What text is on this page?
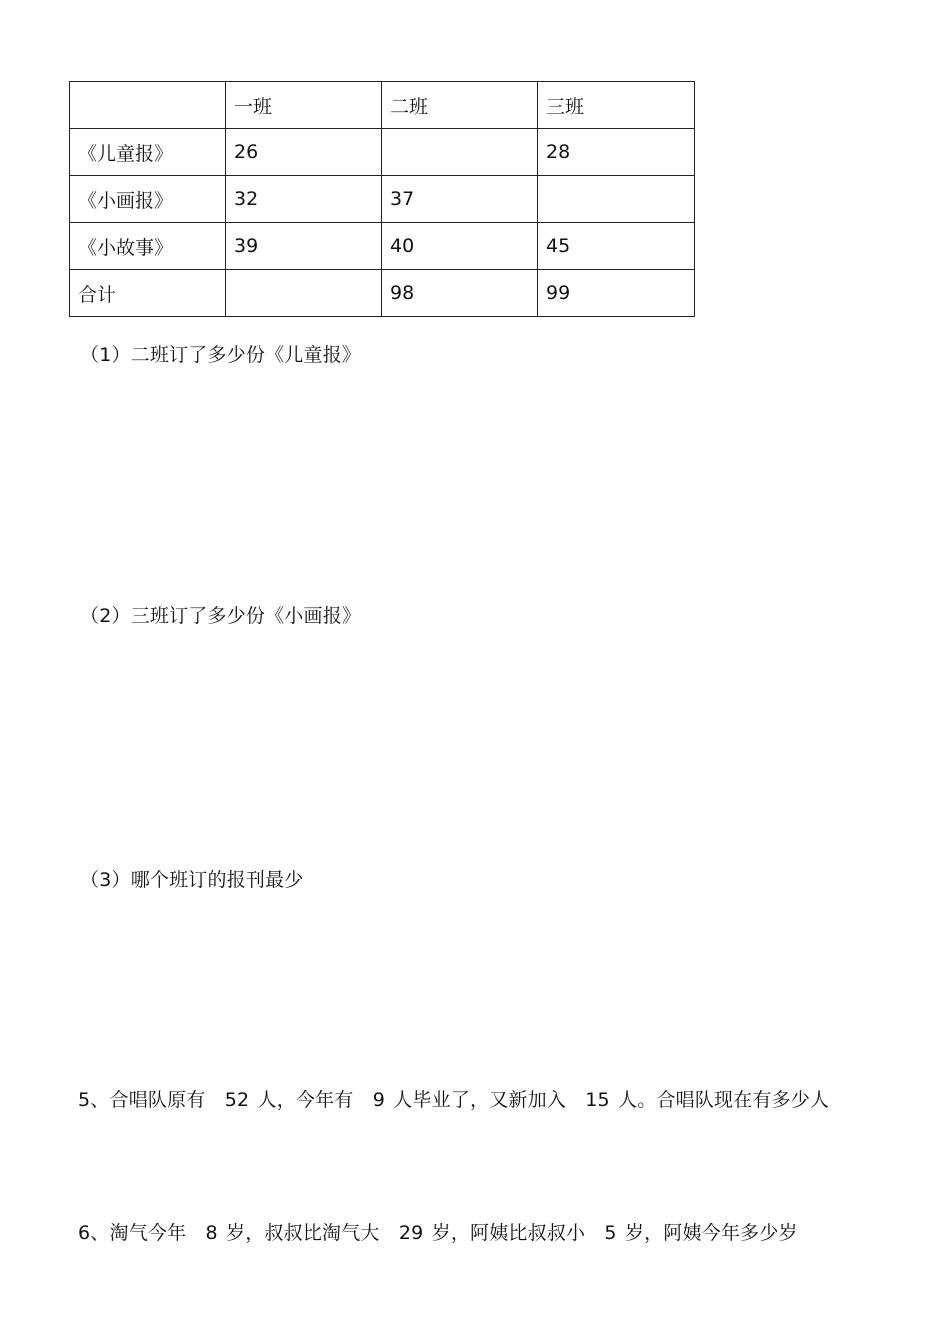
	一班	二班	三班
《儿童报》	26		28
《小画报》	32	37	
《小故事》	39	40	45
合计		98	99
（1）二班订了多少份《儿童报》
（2）三班订了多少份《小画报》
（3）哪个班订的报刊最少
5、合唱队原有　52 人，今年有　9 人毕业了，又新加入　15 人。合唱队现在有多少人
6、淘气今年　8 岁，叔叔比淘气大　29 岁，阿姨比叔叔小　5 岁，阿姨今年多少岁
